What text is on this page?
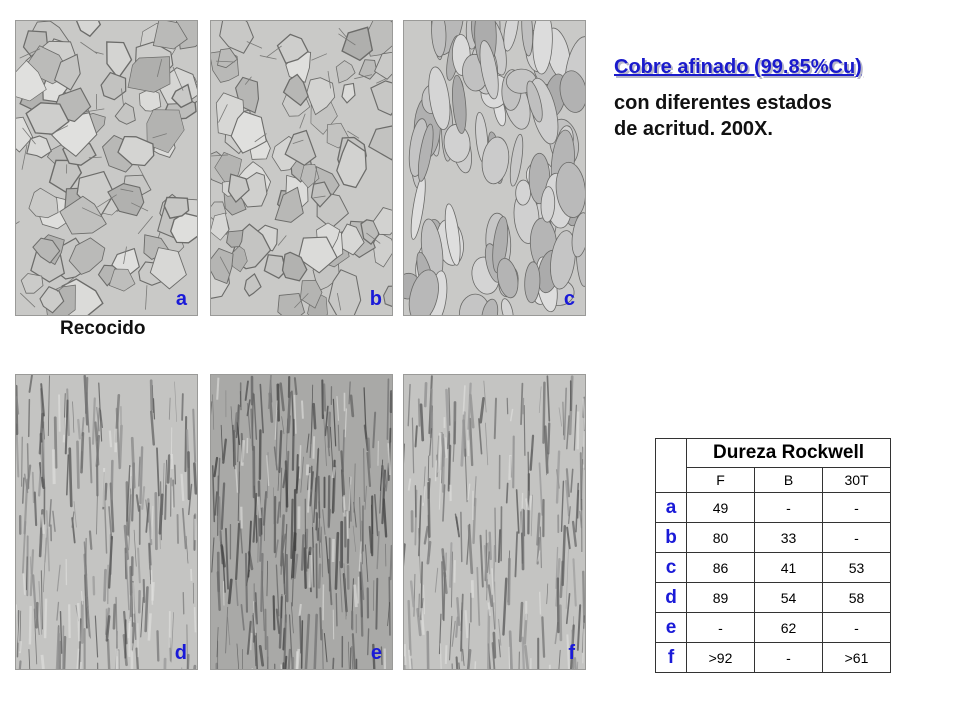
a	b	c
d	e	f
Recocido
Cobre afinado (99.85%Cu)
con diferentes estados
de acritud. 200X.
	Dureza Rockwell		
	F	B	30T
a	49	-	-
b	80	33	-
c	86	41	53
d	89	54	58
e	-	62	-
f	>92	-	>61
